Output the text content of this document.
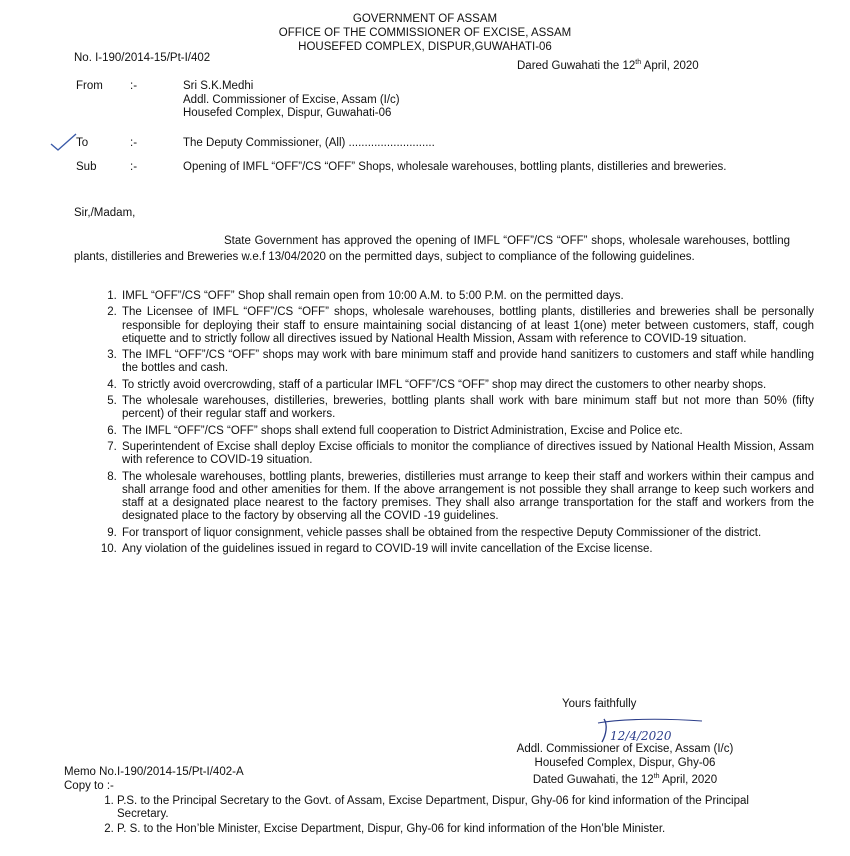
GOVERNMENT OF ASSAM
OFFICE OF THE COMMISSIONER OF EXCISE, ASSAM
HOUSEFED COMPLEX, DISPUR,GUWAHATI-06
No. I-190/2014-15/Pt-I/402
Dared Guwahati the 12th April, 2020
From	:-	Sri S.K.Medhi
Addl. Commissioner of Excise, Assam (I/c)
Housefed Complex, Dispur, Guwahati-06
To	:-	The Deputy Commissioner, (All) ...........................
Sub	:-	Opening of IMFL “OFF”/CS “OFF” Shops, wholesale warehouses, bottling plants, distilleries and breweries.
Sir,/Madam,
State Government has approved the opening of IMFL “OFF”/CS “OFF” shops, wholesale warehouses, bottling plants, distilleries and Breweries w.e.f 13/04/2020 on the permitted days, subject to compliance of the following guidelines.
1. IMFL “OFF”/CS “OFF” Shop shall remain open from 10:00 A.M. to 5:00 P.M. on the permitted days.
2. The Licensee of IMFL “OFF”/CS “OFF” shops, wholesale warehouses, bottling plants, distilleries and breweries shall be personally responsible for deploying their staff to ensure maintaining social distancing of at least 1(one) meter between customers, staff, cough etiquette and to strictly follow all directives issued by National Health Mission, Assam with reference to COVID-19 situation.
3. The IMFL “OFF”/CS “OFF” shops may work with bare minimum staff and provide hand sanitizers to customers and staff while handling the bottles and cash.
4. To strictly avoid overcrowding, staff of a particular IMFL “OFF”/CS “OFF” shop may direct the customers to other nearby shops.
5. The wholesale warehouses, distilleries, breweries, bottling plants shall work with bare minimum staff but not more than 50% (fifty percent) of their regular staff and workers.
6. The IMFL “OFF”/CS “OFF” shops shall extend full cooperation to District Administration, Excise and Police etc.
7. Superintendent of Excise shall deploy Excise officials to monitor the compliance of directives issued by National Health Mission, Assam with reference to COVID-19 situation.
8. The wholesale warehouses, bottling plants, breweries, distilleries must arrange to keep their staff and workers within their campus and shall arrange food and other amenities for them. If the above arrangement is not possible they shall arrange to keep such workers and staff at a designated place nearest to the factory premises. They shall also arrange transportation for the staff and workers from the designated place to the factory by observing all the COVID -19 guidelines.
9. For transport of liquor consignment, vehicle passes shall be obtained from the respective Deputy Commissioner of the district.
10. Any violation of the guidelines issued in regard to COVID-19 will invite cancellation of the Excise license.
Yours faithfully
12/4/2020
Addl. Commissioner of Excise, Assam (I/c)
Housefed Complex, Dispur, Ghy-06
Dated Guwahati, the 12th April, 2020
Memo No.I-190/2014-15/Pt-I/402-A
Copy to :-
1. P.S. to the Principal Secretary to the Govt. of Assam, Excise Department, Dispur, Ghy-06 for kind information of the Principal Secretary.
2. P. S. to the Hon’ble Minister, Excise Department, Dispur, Ghy-06 for kind information of the Hon’ble Minister.
